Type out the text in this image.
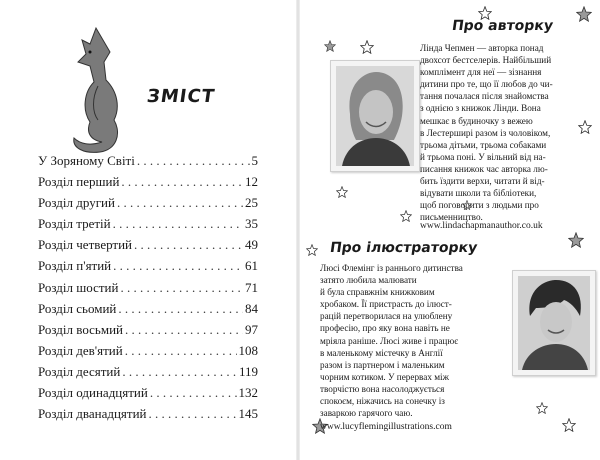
ЗМІСТ
У Зоряному Світі . . .	5
Розділ перший . . .	12
Розділ другий . . .	25
Розділ третій . . .	35
Розділ четвертий . . .	49
Розділ п'ятий . . .	61
Розділ шостий . . .	71
Розділ сьомий . . .	84
Розділ восьмий . . .	97
Розділ дев'ятий . . .	108
Розділ десятий . . .	119
Розділ одинадцятий . . .	132
Розділ дванадцятий . . .	145
Про авторку
Лінда Чепмен — авторка понад
двохсот бестселерів. Найбільший
комплімент для неї — зізнання
дитини про те, що її любов до чи-
тання почалася після знайомства
з однією з книжок Лінди. Вона
мешкає в будиночку з вежею
в Лестерширі разом із чоловіком,
трьома дітьми, трьома собаками
й трьома поні. У вільний від на-
писання книжок час авторка лю-
бить їздити верхи, читати й від-
відувати школи та бібліотеки,
щоб поговорити з людьми про
письменництво.
www.lindachapmanauthor.co.uk
Про ілюстраторку
Люсі Флемінг із раннього дитинства
затято любила малювати
й була справжнім книжковим
хробаком. Її пристрасть до ілюст-
рацій перетворилася на улюблену
професію, про яку вона навіть не
мріяла раніше. Люсі живе і працює
в маленькому містечку в Англії
разом із партнером і маленьким
чорним котиком. У перервах між
творчістю вона насолоджується
спокоєм, ніжачись на сонечку із
заваркою гарячого чаю.
www.lucyflemingillustrations.com
